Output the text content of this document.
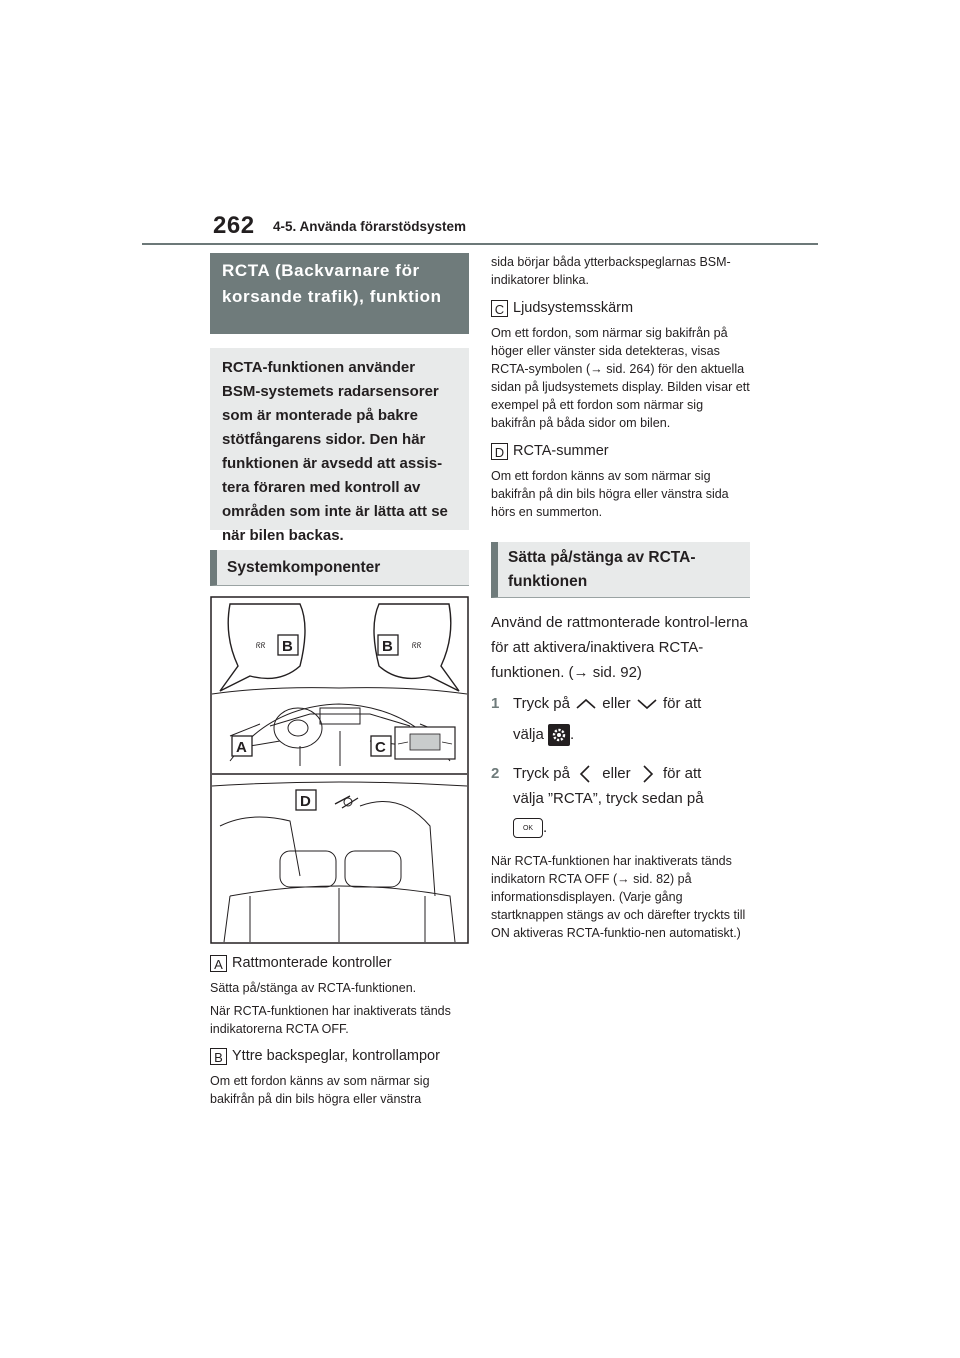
262 4-5. Använda förarstödsystem
RCTA (Backvarnare för korsande trafik), funktion
RCTA-funktionen använder BSM-systemets radarsensorer som är monterade på bakre stötfångarens sidor. Den här funktionen är avsedd att assis-tera föraren med kontroll av områden som inte är lätta att se när bilen backas.
Systemkomponenter
ᖇᖇ	ᖇᖇ
B	B
A	C
D
A Rattmonterade kontroller
Sätta på/stänga av RCTA-funktionen.
När RCTA-funktionen har inaktiverats tänds indikatorerna RCTA OFF.
B Yttre backspeglar, kontrollampor
Om ett fordon känns av som närmar sig bakifrån på din bils högra eller vänstra
sida börjar båda ytterbackspeglarnas BSM-indikatorer blinka.
C Ljudsystemsskärm
Om ett fordon, som närmar sig bakifrån på höger eller vänster sida detekteras, visas RCTA-symbolen (→ sid. 264) för den aktuella sidan på ljudsystemets display. Bilden visar ett exempel på ett fordon som närmar sig bakifrån på båda sidor om bilen.
D RCTA-summer
Om ett fordon känns av som närmar sig bakifrån på din bils högra eller vänstra sida hörs en summerton.
Sätta på/stänga av RCTA-funktionen
Använd de rattmonterade kontrol-lerna för att aktivera/inaktivera RCTA-funktionen. (→ sid. 92)
1 Tryck på eller för att
välja .
2 Tryck på eller för att
välja ”RCTA”, tryck sedan på
OK .
När RCTA-funktionen har inaktiverats tänds indikatorn RCTA OFF (→ sid. 82) på informationsdisplayen. (Varje gång startknappen stängs av och därefter tryckts till ON aktiveras RCTA-funktio-nen automatiskt.)
